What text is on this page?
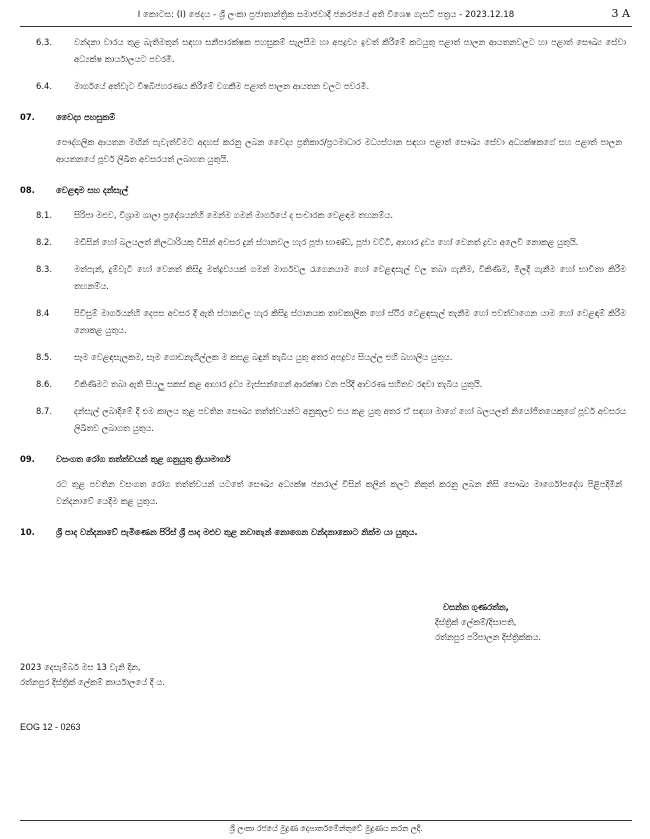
I කොටස: (I) ඡෙදය - ශ්‍රී ලංකා ප්‍රජාතාන්ත්‍රික සමාජවාදී ජනරජයේ අති විශෙෂ ගැසට් පත්‍රය - 2023.12.18	3 A
6.3.	වන්දනා වාරය තුළ බැතිමතුන් සඳහා සනීපාරක්ෂක පහසුකම් සැලසීම හා අපද්‍රව්‍ය ඉවත් කිරීමේ කටයුතු පළාත් පාලන ආයතනවලට හා පළාත් සෞඛ්‍ය සේවා අධ්‍යක්ෂ කාර්යාලයට පවරමි.
6.4.	මාර්ගයේ අත්වැට විෂබීජහරණය කිරීමේ වගකීම පළාත් පාලන ආයතන වලට පවරමි.
07.	වෛද්‍ය පහසුකම්
පෞද්ගලික ආයතන මඟින් පැවැත්වීමට අදහස් කරනු ලබන වෛද්‍ය ප්‍රතිකාර/ප්‍රථමාධාර මධ්‍යස්ථාන සඳහා පළාත් සෞඛ්‍ය සේවා අධ්‍යක්ෂකගේ සහ පළාත් පාලන ආයතනයේ පූර්ව ලිඛිත අවසරයත් ලබාගත යුතුයි.
08.	වෙළඳාම සහ දන්සැල්
8.1.	සිරිපා මළුව, විශ්‍රාම ශාලා ප්‍රදේශයන්හි මෙන්ම ගමන් මාර්ගයේ ද සංචාරක වෙළඳාම තහනම්ය.
8.2.	මඩිසින් හෝ බලයලත් නිලධාරියකු විසින් අවසර දුන් ස්ථානවල හැර පූජා භාණ්ඩ, පූජා වට්ටි, ආහාර ද්‍රව්‍ය හෝ වෙනත් ද්‍රව්‍ය අලෙවි නොකළ යුතුයි.
8.3.	මත්පැන්, දුම්වැටි හෝ වෙනත් කිසිදු මත්ද්‍රව්‍යයක් ගමන් මාර්ගවල රැගෙනයාම හෝ වෙළඳසැල් වල තබා ගැනීම, විකිණීම, මිලදී ගැනීම හෝ භාවිතා කිරීම තහනම්ය.
8.4	පිවිසුම් මාර්ගයන්හි දෙපස අවසර දී ඇති ස්ථානවල හැර කිසිදු ස්ථානයක තාවකාලික හෝ ස්ථිර වෙළඳසැල් තැනීම හෝ පවත්වාගෙන යාම හෝ වෙළඳාම් කිරීම නොකළ යුතුය.
8.5.	සෑම වෙළඳසැලකම, සෑම ගොඩනැගිල්ලක ම කසළ බඳුන් තැබිය යුතු අතර අපද්‍රව්‍ය සියල්ල එහි බහාලිය යුතුය.
8.6.	විකිණීමට තබා ඇති සියලු සකස් කළ ආහාර ද්‍රව්‍ය මැස්සන්ගෙන් ආරක්ෂා වන පරිදි ආවරණ සහිතව රඳවා තැබිය යුතුයි.
8.7.	දන්සැල් ලබාදීමේ දී එම කාලය තුළ පවතින සෞඛ්‍ය තත්ත්වයන්ට අනුකූලව එය කළ යුතු අතර ඒ සඳහා මාගේ හෝ බලයලත් නියෝජිතයෙකුගේ පූර්ව අවසරය ලිඛිතව ලබාගත යුතුය.
09.	වසංගත රෝග තත්ත්වයන් තුළ ගනුයුතු ක්‍රියාමාර්ග
රට තුළ පවතින වසංගත රෝග තත්ත්වයන් යටතේ සෞඛ්‍ය අධ්‍යක්ෂ ජනරාල් විසින් කලින් කලට නිකුත් කරනු ලබන නිසි සෞඛ්‍ය මාර්ගෝපදේශ පිළිපදිමින් වන්දනාවේ යෙදීම කළ යුතුය.
10.	ශ්‍රී පාද වන්දනාවේ පැමිණෙන පිරිස් ශ්‍රී පාද මළුව තුළ නවාතැන් නොගෙන වන්දනාකොට නික්ම යා යුතුය.
වසන්ත ගුණරත්න,
දිස්ත්‍රික් ලේකම්/දිසාපති,
රත්නපුර පරිපාලන දිස්ත්‍රික්කය.
2023 දෙසැම්බර් මස 13 වැනි දින,
රත්නපුර දිස්ත්‍රික් ලේකම් කාර්යාලයේ දී ය.
EOG 12 - 0263
ශ්‍රී ලංකා රජයේ මුද්‍රණ දෙපාර්තමේන්තුවේ මුද්‍රණය කරන ලදී.
